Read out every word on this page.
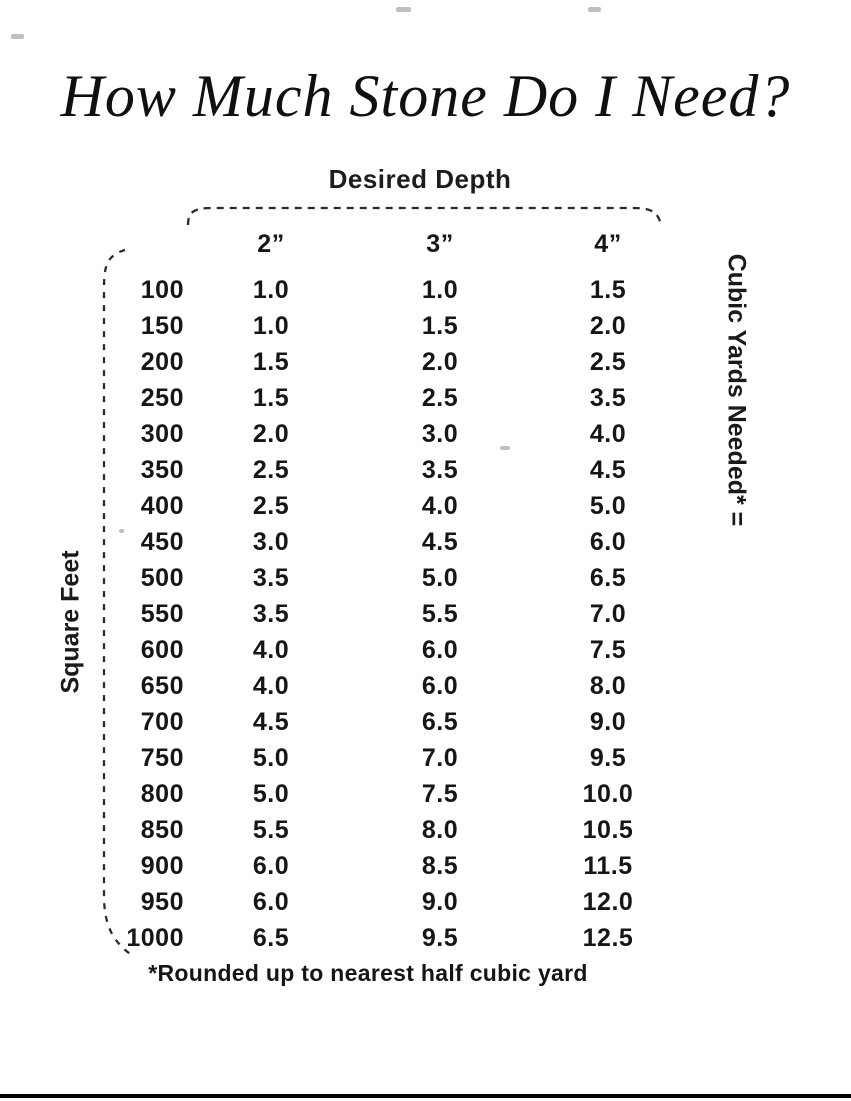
How Much Stone Do I Need?
Desired Depth
2”	3”	4”
100	1.0	1.0	1.5
150	1.0	1.5	2.0
200	1.5	2.0	2.5
250	1.5	2.5	3.5
300	2.0	3.0	4.0
350	2.5	3.5	4.5
400	2.5	4.0	5.0
450	3.0	4.5	6.0
500	3.5	5.0	6.5
550	3.5	5.5	7.0
600	4.0	6.0	7.5
650	4.0	6.0	8.0
700	4.5	6.5	9.0
750	5.0	7.0	9.5
800	5.0	7.5	10.0
850	5.5	8.0	10.5
900	6.0	8.5	11.5
950	6.0	9.0	12.0
1000	6.5	9.5	12.5
Square Feet
Cubic Yards Needed* =
*Rounded up to nearest half cubic yard
